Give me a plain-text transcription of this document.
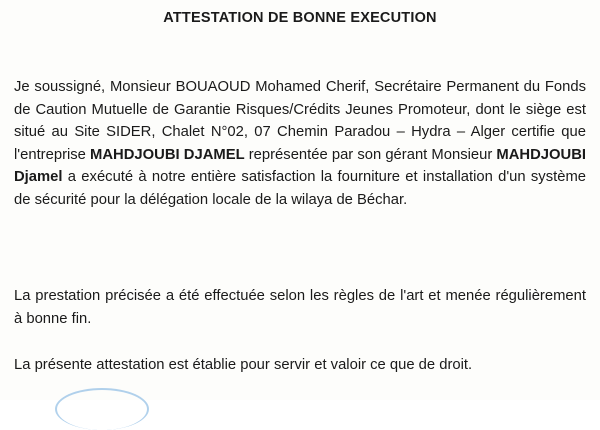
ATTESTATION DE BONNE EXECUTION
Je soussigné, Monsieur BOUAOUD Mohamed Cherif, Secrétaire Permanent du Fonds de Caution Mutuelle de Garantie Risques/Crédits Jeunes Promoteur, dont le siège est situé au Site SIDER, Chalet N°02, 07 Chemin Paradou – Hydra – Alger certifie que l'entreprise MAHDJOUBI DJAMEL représentée par son gérant Monsieur MAHDJOUBI Djamel a exécuté à notre entière satisfaction la fourniture et installation d'un système de sécurité pour la délégation locale de la wilaya de Béchar.
La prestation précisée a été effectuée selon les règles de l'art et menée régulièrement à bonne fin.
La présente attestation est établie pour servir et valoir ce que de droit.
